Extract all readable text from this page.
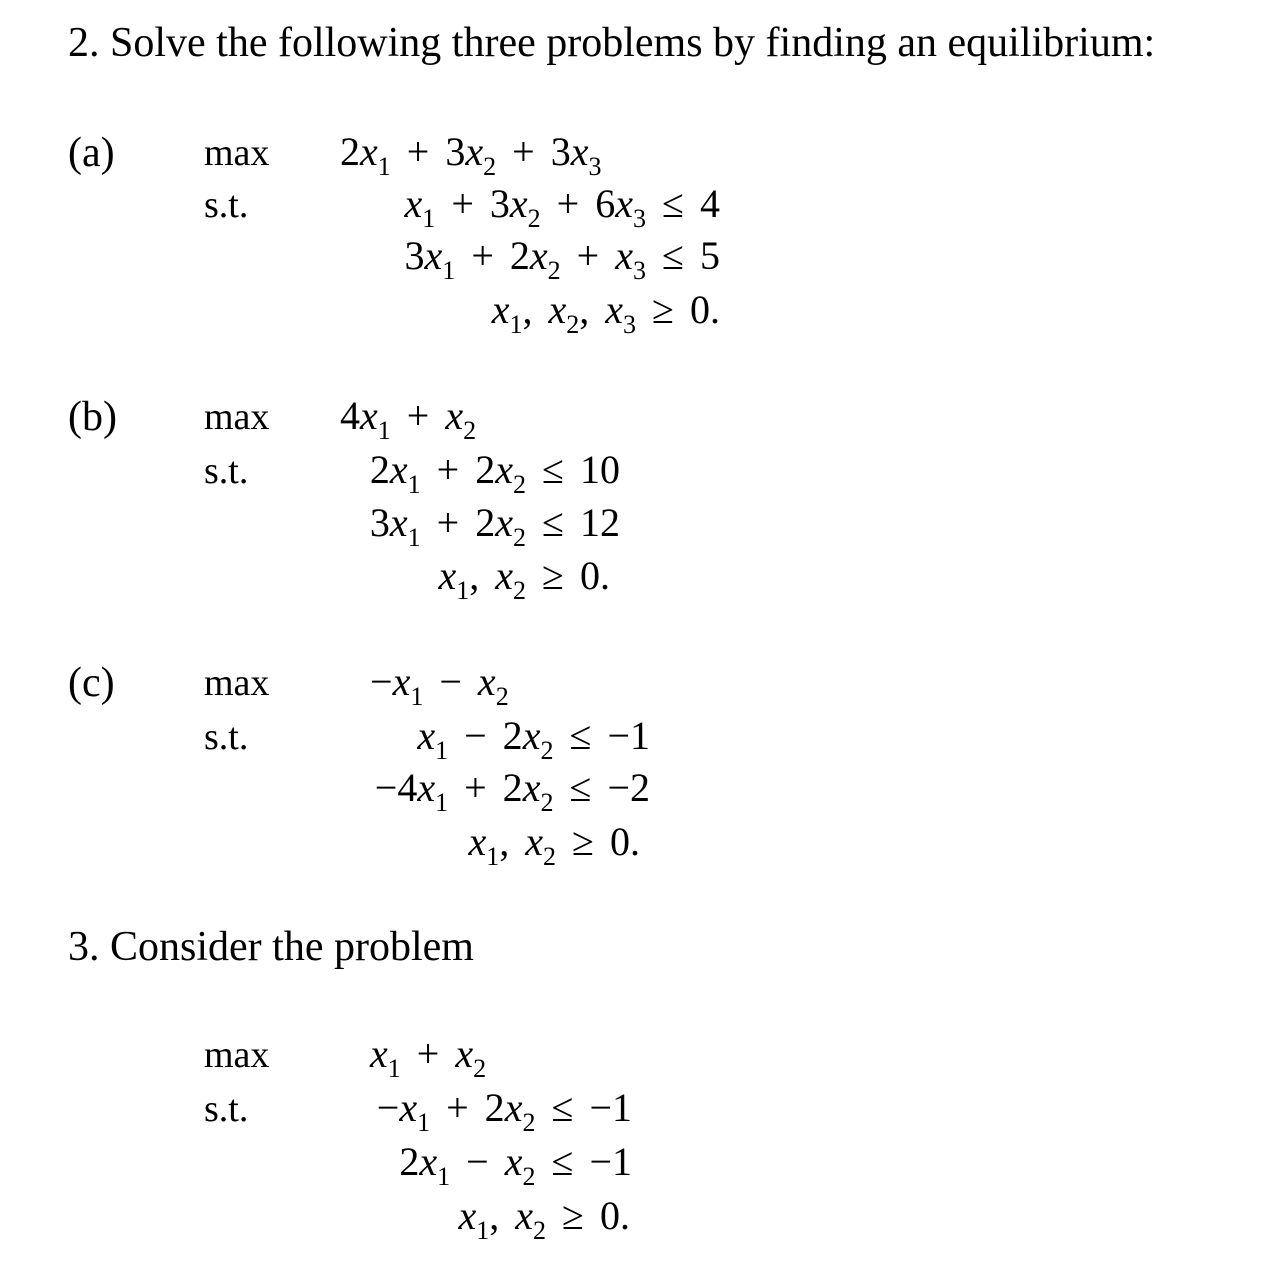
2. Solve the following three problems by finding an equilibrium:
(a) max
s.t.
$2x_1 + 3x_2 + 3x_3$
$x_1 + 3x_2 + 6x_3 \le 4$
$3x_1 + 2x_2 + x_3 \le 5$
$x_1$,  $x_2$,  $x_3 \ge 0$.
(b) max
s.t.
$4x_1 + x_2$
$2x_1 + 2x_2 \le 10$
$3x_1 + 2x_2 \le 12$
$x_1$,  $x_2 \ge 0$.
(c) max
s.t.
$-x_1 - x_2$
$x_1 - 2x_2 \le -1$
$-4x_1 + 2x_2 \le -2$
$x_1$,  $x_2 \ge 0$.
3. Consider the problem
max
s.t.
$x_1 + x_2$
$-x_1 + 2x_2 \le -1$
$2x_1 - x_2 \le -1$
$x_1$,  $x_2 \ge 0$.
